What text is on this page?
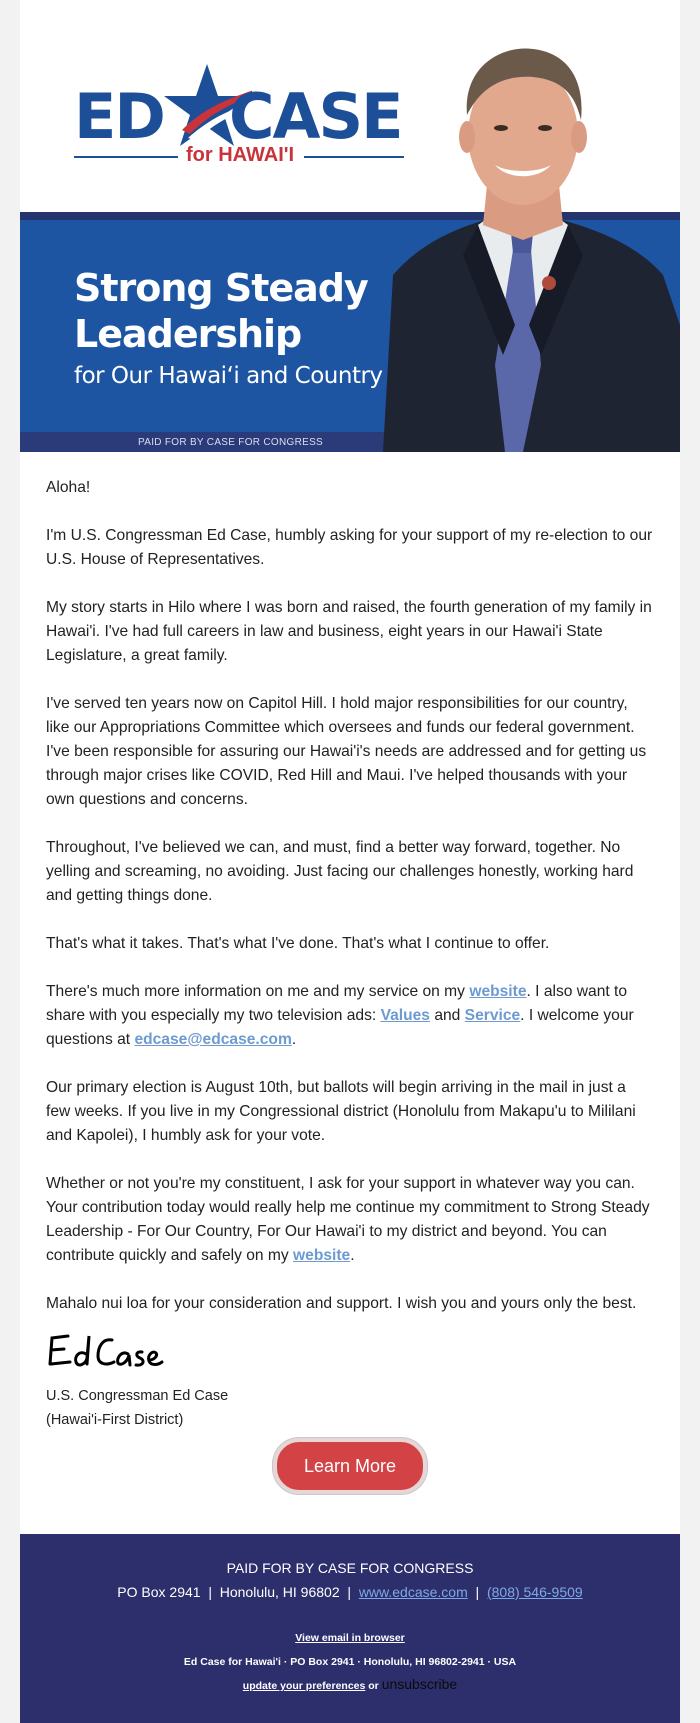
ED CASE
for HAWAI'I
Strong Steady
Leadership
for Our Hawai‘i and Country
PAID FOR BY CASE FOR CONGRESS

Aloha!

I'm U.S. Congressman Ed Case, humbly asking for your support of my re-election to our U.S. House of Representatives.

My story starts in Hilo where I was born and raised, the fourth generation of my family in Hawai'i. I've had full careers in law and business, eight years in our Hawai'i State Legislature, a great family.

I've served ten years now on Capitol Hill. I hold major responsibilities for our country, like our Appropriations Committee which oversees and funds our federal government. I've been responsible for assuring our Hawai'i's needs are addressed and for getting us through major crises like COVID, Red Hill and Maui. I've helped thousands with your own questions and concerns.

Throughout, I've believed we can, and must, find a better way forward, together. No yelling and screaming, no avoiding. Just facing our challenges honestly, working hard and getting things done.

That's what it takes. That's what I've done. That's what I continue to offer.

There's much more information on me and my service on my website. I also want to share with you especially my two television ads: Values and Service. I welcome your questions at edcase@edcase.com.

Our primary election is August 10th, but ballots will begin arriving in the mail in just a few weeks. If you live in my Congressional district (Honolulu from Makapu'u to Mililani and Kapolei), I humbly ask for your vote.

Whether or not you're my constituent, I ask for your support in whatever way you can. Your contribution today would really help me continue my commitment to Strong Steady Leadership - For Our Country, For Our Hawai'i to my district and beyond. You can contribute quickly and safely on my website.

Mahalo nui loa for your consideration and support. I wish you and yours only the best.

U.S. Congressman Ed Case
(Hawai'i-First District)
Learn More
PAID FOR BY CASE FOR CONGRESS
PO Box 2941  |  Honolulu, HI 96802  |  www.edcase.com  |  (808) 546-9509
View email in browser
Ed Case for Hawai'i · PO Box 2941 · Honolulu, HI 96802-2941 · USA
update your preferences or unsubscribe
